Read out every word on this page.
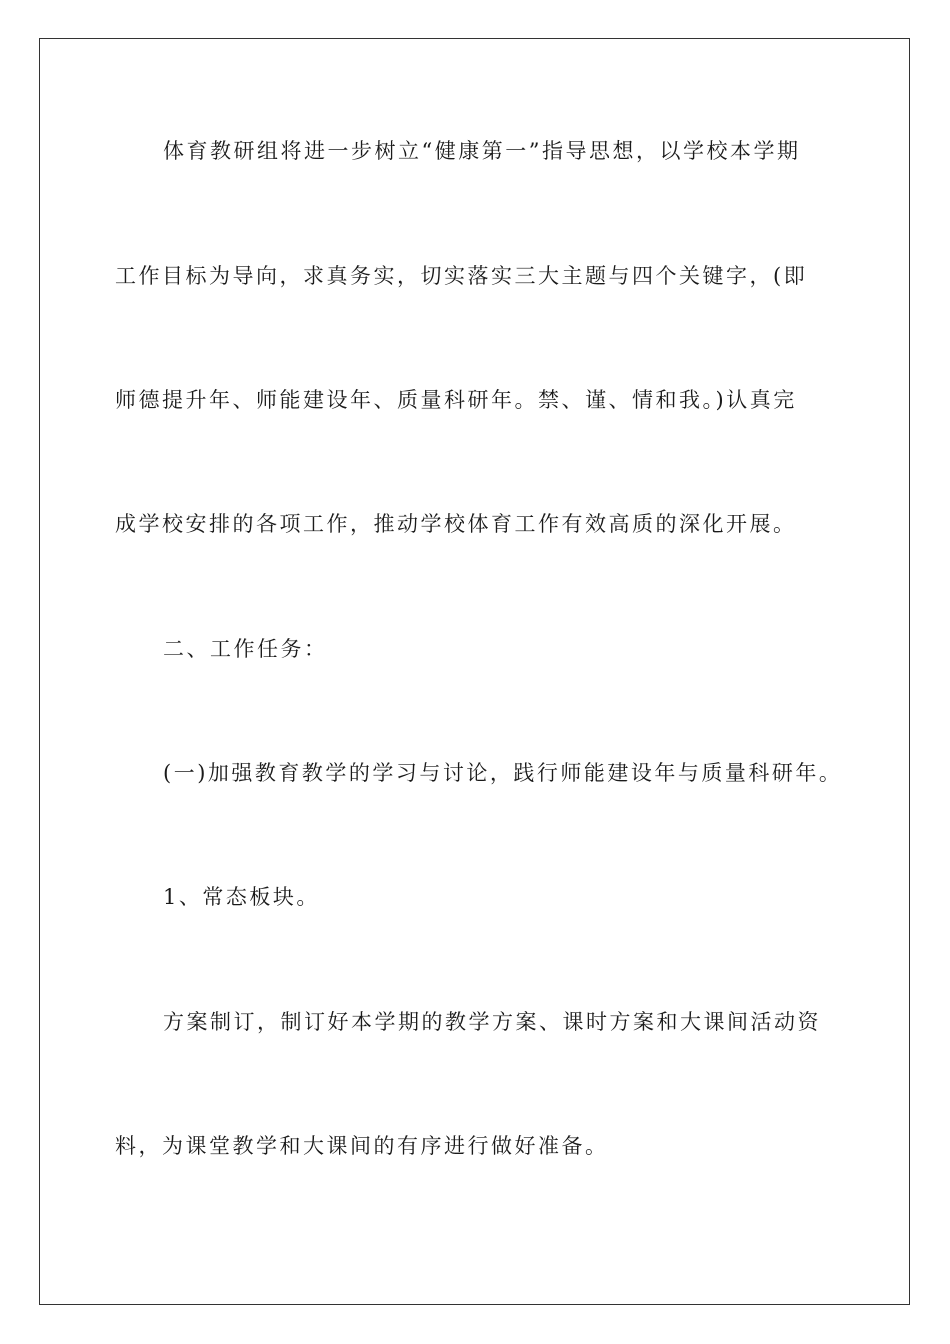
体育教研组将进一步树立“健康第一”指导思想，以学校本学期

工作目标为导向，求真务实，切实落实三大主题与四个关键字，(即

师德提升年、师能建设年、质量科研年。禁、谨、情和我。)认真完

成学校安排的各项工作，推动学校体育工作有效高质的深化开展。

二、工作任务：

(一)加强教育教学的学习与讨论，践行师能建设年与质量科研年。

1、常态板块。

方案制订，制订好本学期的教学方案、课时方案和大课间活动资

料，为课堂教学和大课间的有序进行做好准备。
